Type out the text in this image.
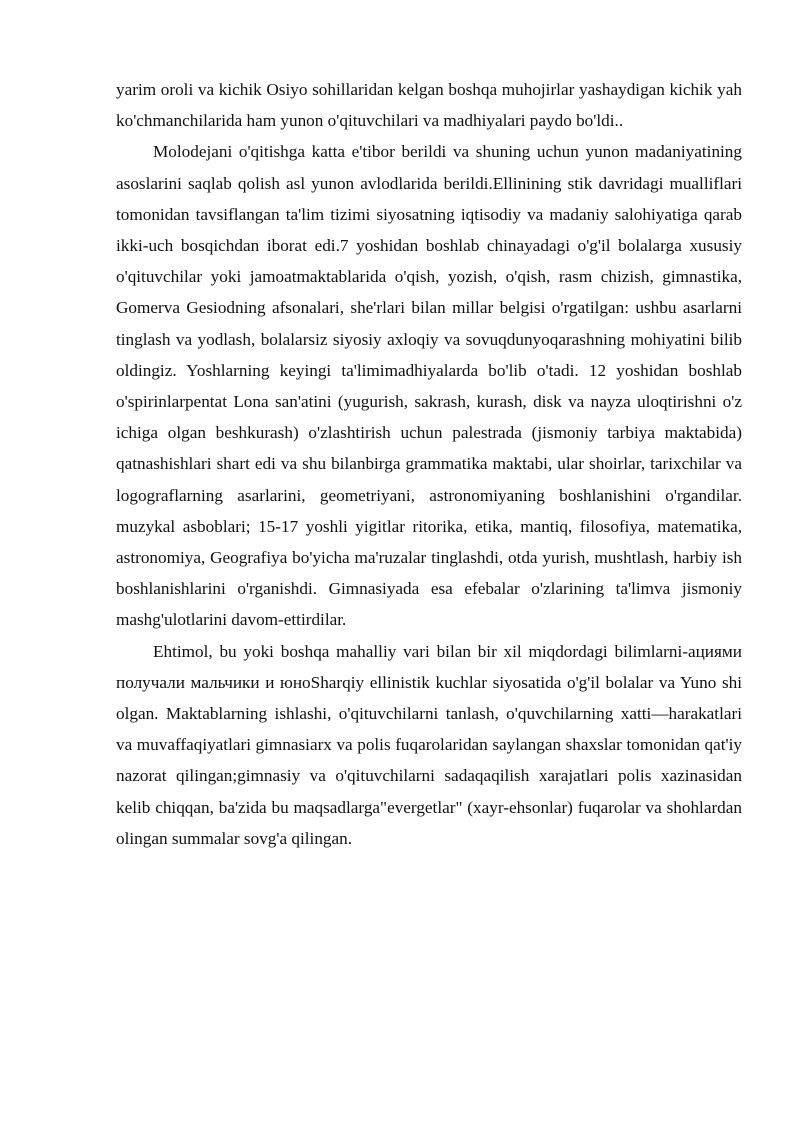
yarim oroli va kichik Osiyo sohillaridan kelgan boshqa muhojirlar yashaydigan kichik yah ko'chmanchilarida ham yunon o'qituvchilari va madhiyalari paydo bo'ldi..

Molodejani o'qitishga katta e'tibor berildi va shuning uchun yunon madaniyatining asoslarini saqlab qolish asl yunon avlodlarida berildi.Ellinining stik davridagi mualliflari tomonidan tavsiflangan ta'lim tizimi siyosatning iqtisodiy va madaniy salohiyatiga qarab ikki-uch bosqichdan iborat edi.7 yoshidan boshlab chinayadagi o'g'il bolalarga xususiy o'qituvchilar yoki jamoatmaktablarida o'qish, yozish, o'qish, rasm chizish, gimnastika, Gomerva Gesiodning afsonalari, she'rlari bilan millar belgisi o'rgatilgan: ushbu asarlarni tinglash va yodlash, bolalarsiz siyosiy axloqiy va sovuqdunyoqarashning mohiyatini bilib oldingiz. Yoshlarning keyingi ta'limimadhiyalarda bo'lib o'tadi. 12 yoshidan boshlab o'spirinlarpentat Lona san'atini (yugurish, sakrash, kurash, disk va nayza uloqtirishni o'z ichiga olgan beshkurash) o'zlashtirish uchun palestrada (jismoniy tarbiya maktabida) qatnashishlari shart edi va shu bilanbirga grammatika maktabi, ular shoirlar, tarixchilar va logograflarning asarlarini, geometriyani, astronomiyaning boshlanishini o'rgandilar. muzykal asboblari; 15-17 yoshli yigitlar ritorika, etika, mantiq, filosofiya, matematika, astronomiya, Geografiya bo'yicha ma'ruzalar tinglashdi, otda yurish, mushtlash, harbiy ish boshlanishlarini o'rganishdi. Gimnasiyada esa efebalar o'zlarining ta'limva jismoniy mashg'ulotlarini davom-ettirdilar.

Ehtimol, bu yoki boshqa mahalliy vari bilan bir xil miqdordagi bilimlarni-ациями получали мальчики и юноSharqiy ellinistik kuchlar siyosatida o'g'il bolalar va Yuno shi olgan. Maktablarning ishlashi, o'qituvchilarni tanlash, o'quvchilarning xatti—harakatlari va muvaffaqiyatlari gimnasiarx va polis fuqarolaridan saylangan shaxslar tomonidan qat'iy nazorat qilingan;gimnasiy va o'qituvchilarni sadaqaqilish xarajatlari polis xazinasidan kelib chiqqan, ba'zida bu maqsadlarga"evergetlar" (xayr-ehsonlar) fuqarolar va shohlardan olingan summalar sovg'a qilingan.
